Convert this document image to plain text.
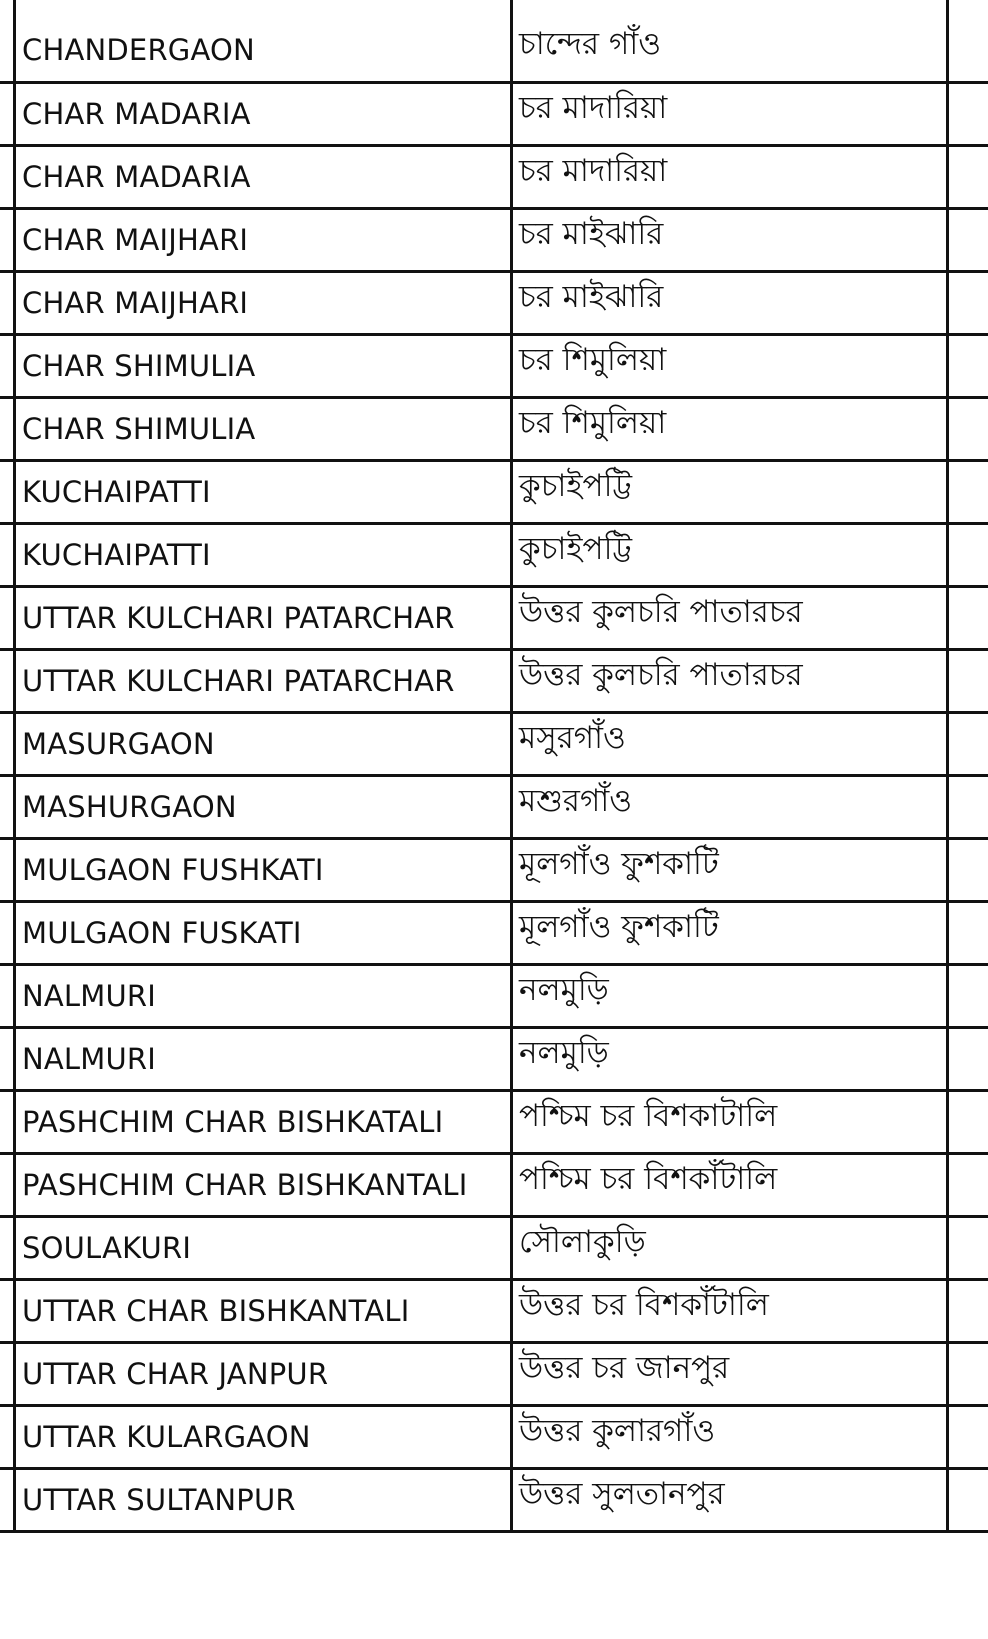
CHANDERGAON	চান্দের গাঁও
CHAR MADARIA	চর মাদারিয়া
CHAR MADARIA	চর মাদারিয়া
CHAR MAIJHARI	চর মাইঝারি
CHAR MAIJHARI	চর মাইঝারি
CHAR SHIMULIA	চর শিমুলিয়া
CHAR SHIMULIA	চর শিমুলিয়া
KUCHAIPATTI	কুচাইপট্টি
KUCHAIPATTI	কুচাইপট্টি
UTTAR KULCHARI PATARCHAR	উত্তর কুলচরি পাতারচর
UTTAR KULCHARI PATARCHAR	উত্তর কুলচরি পাতারচর
MASURGAON	মসুরগাঁও
MASHURGAON	মশুরগাঁও
MULGAON FUSHKATI	মূলগাঁও ফুশকাটি
MULGAON FUSKATI	মূলগাঁও ফুশকাটি
NALMURI	নলমুড়ি
NALMURI	নলমুড়ি
PASHCHIM CHAR BISHKATALI	পশ্চিম চর বিশকাটালি
PASHCHIM CHAR BISHKANTALI	পশ্চিম চর বিশকাঁটালি
SOULAKURI	সৌলাকুড়ি
UTTAR CHAR BISHKANTALI	উত্তর চর বিশকাঁটালি
UTTAR CHAR JANPUR	উত্তর চর জানপুর
UTTAR KULARGAON	উত্তর কুলারগাঁও
UTTAR SULTANPUR	উত্তর সুলতানপুর
